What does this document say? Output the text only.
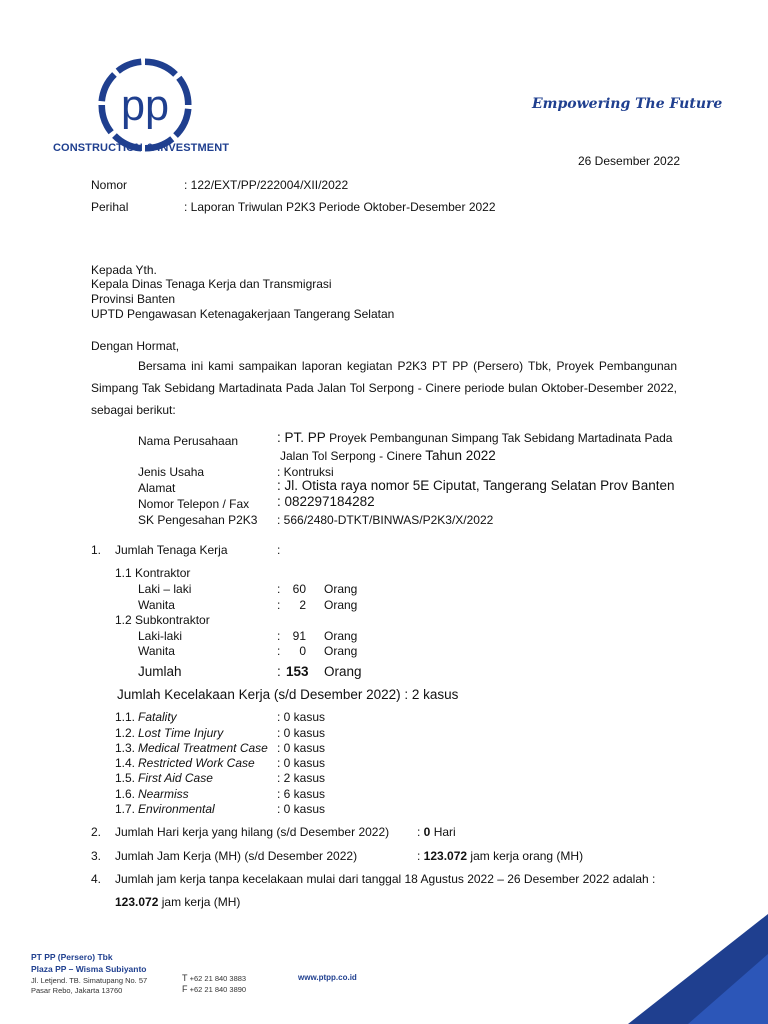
pp
CONSTRUCTION & INVESTMENT
Empowering The Future
26 Desember 2022
Nomor	: 122/EXT/PP/222004/XII/2022
Perihal	: Laporan Triwulan P2K3 Periode Oktober-Desember 2022
Kepada Yth.
Kepala Dinas Tenaga Kerja dan Transmigrasi
Provinsi Banten
UPTD Pengawasan Ketenagakerjaan Tangerang Selatan
Dengan Hormat,
Bersama ini kami sampaikan laporan kegiatan P2K3 PT PP (Persero) Tbk, Proyek Pembangunan Simpang Tak Sebidang Martadinata Pada Jalan Tol Serpong - Cinere periode bulan Oktober-Desember 2022, sebagai berikut:
Nama Perusahaan	: PT. PP Proyek Pembangunan Simpang Tak Sebidang Martadinata Pada
Jalan Tol Serpong - Cinere Tahun 2022
Jenis Usaha	: Kontruksi
Alamat	: Jl. Otista raya nomor 5E Ciputat, Tangerang Selatan Prov Banten
Nomor Telepon / Fax : 082297184282
SK Pengesahan P2K3 : 566/2480-DTKT/BINWAS/P2K3/X/2022
1. Jumlah Tenaga Kerja	:
1.1 Kontraktor
Laki – laki	:	60 Orang
Wanita	:	2 Orang
1.2 Subkontraktor
Laki-laki	:	91 Orang
Wanita	:	0 Orang
Jumlah	: 153 Orang
Jumlah Kecelakaan Kerja (s/d Desember 2022) : 2 kasus
1.1. Fatality	: 0 kasus
1.2. Lost Time Injury	: 0 kasus
1.3. Medical Treatment Case : 0 kasus
1.4. Restricted Work Case : 0 kasus
1.5. First Aid Case	: 2 kasus
1.6. Nearmiss	: 6 kasus
1.7. Environmental	: 0 kasus
2. Jumlah Hari kerja yang hilang (s/d Desember 2022) : 0 Hari
3. Jumlah Jam Kerja (MH) (s/d Desember 2022)	: 123.072 jam kerja orang (MH)
4. Jumlah jam kerja tanpa kecelakaan mulai dari tanggal 18 Agustus 2022 – 26 Desember 2022 adalah :
123.072 jam kerja (MH)
PT PP (Persero) Tbk
Plaza PP – Wisma Subiyanto
Jl. Letjend. TB. Simatupang No. 57
Pasar Rebo, Jakarta 13760
T +62 21 840 3883
F +62 21 840 3890
www.ptpp.co.id
